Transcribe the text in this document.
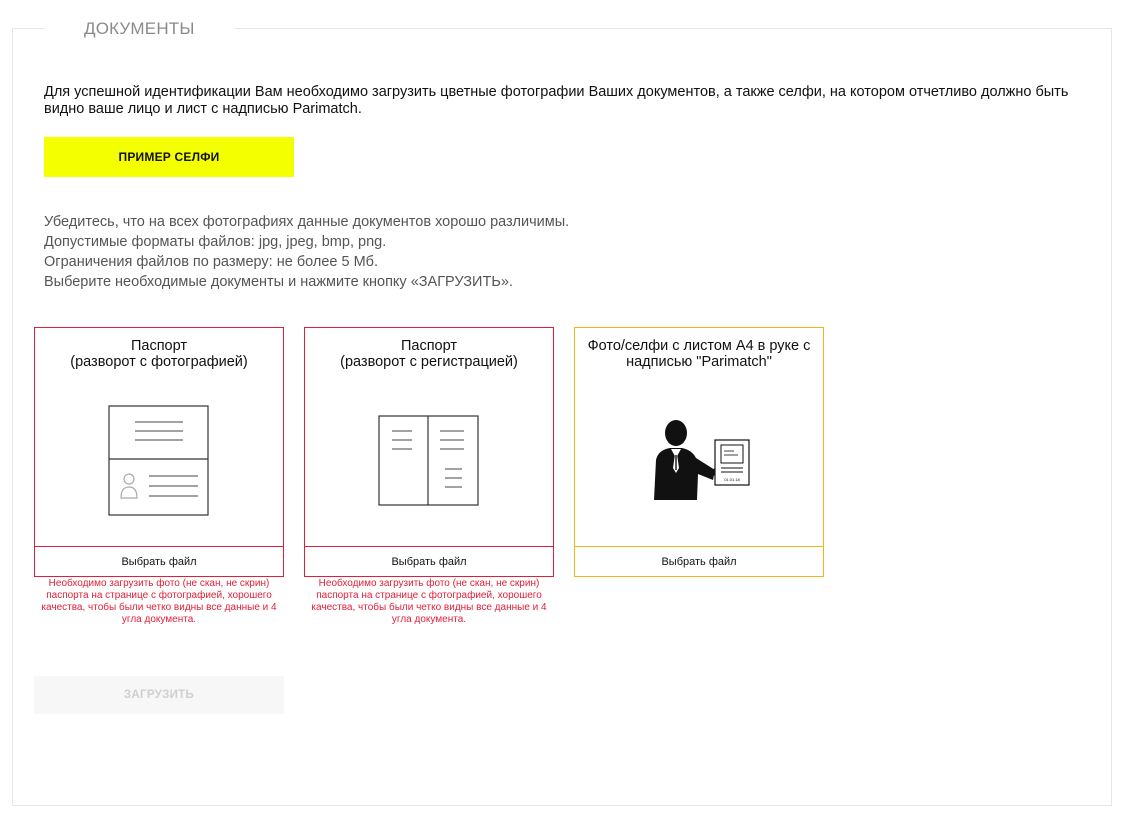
ДОКУМЕНТЫ
Для успешной идентификации Вам необходимо загрузить цветные фотографии Ваших документов, а также селфи, на котором отчетливо должно быть
видно ваше лицо и лист с надписью Parimatch.
ПРИМЕР СЕЛФИ
Убедитесь, что на всех фотографиях данные документов хорошо различимы.
Допустимые форматы файлов: jpg, jpeg, bmp, png.
Ограничения файлов по размеру: не более 5 Мб.
Выберите необходимые документы и нажмите кнопку «ЗАГРУЗИТЬ».
Паспорт
(разворот с фотографией)
Выбрать файл
Необходимо загрузить фото (не скан, не скрин) паспорта на странице с фотографией, хорошего качества, чтобы были четко видны все данные и 4 угла документа.
Паспорт
(разворот с регистрацией)
Выбрать файл
Необходимо загрузить фото (не скан, не скрин) паспорта на странице с фотографией, хорошего качества, чтобы были четко видны все данные и 4 угла документа.
Фото/селфи с листом А4 в руке с
надписью "Parimatch"
01.01.18
Выбрать файл
ЗАГРУЗИТЬ
